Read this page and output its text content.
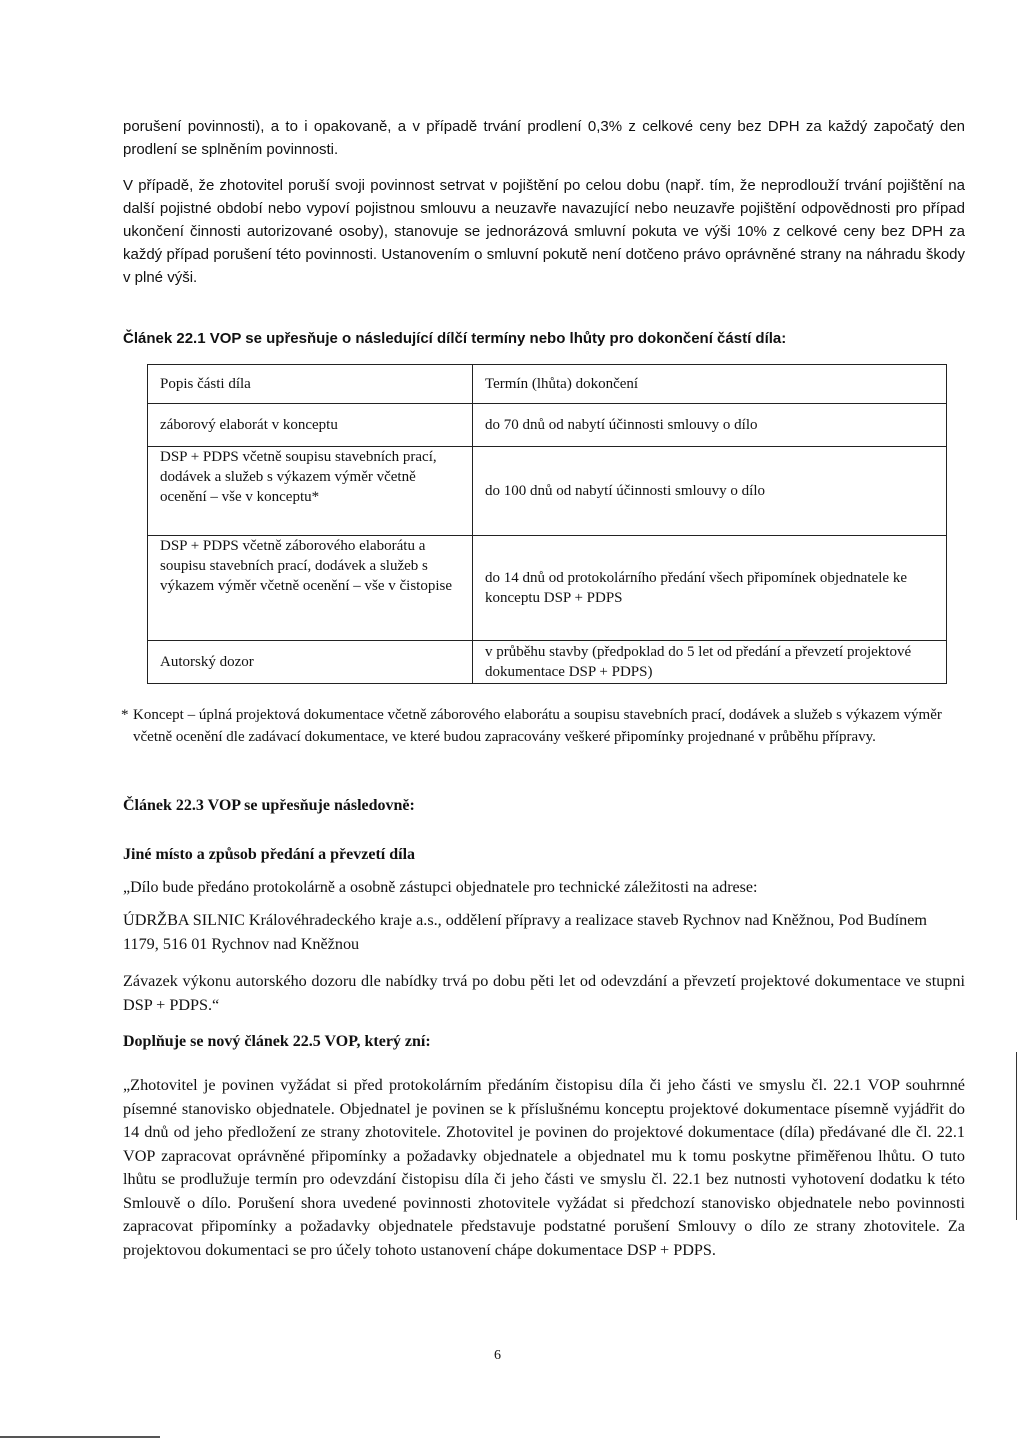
porušení povinnosti), a to i opakovaně, a v případě trvání prodlení 0,3% z celkové ceny bez DPH za každý započatý den prodlení se splněním povinnosti.

V případě, že zhotovitel poruší svoji povinnost setrvat v pojištění po celou dobu (např. tím, že neprodlouží trvání pojištění na další pojistné období nebo vypoví pojistnou smlouvu a neuzavře navazující nebo neuzavře pojištění odpovědnosti pro případ ukončení činnosti autorizované osoby), stanovuje se jednorázová smluvní pokuta ve výši 10% z celkové ceny bez DPH za každý případ porušení této povinnosti. Ustanovením o smluvní pokutě není dotčeno právo oprávněné strany na náhradu škody v plné výši.

Článek 22.1 VOP se upřesňuje o následující dílčí termíny nebo lhůty pro dokončení částí díla:

Popis části díla	Termín (lhůta) dokončení
záborový elaborát v konceptu	do 70 dnů od nabytí účinnosti smlouvy o dílo
DSP + PDPS včetně soupisu stavebních prací, dodávek a služeb s výkazem výměr včetně ocenění – vše v konceptu*	do 100 dnů od nabytí účinnosti smlouvy o dílo
DSP + PDPS včetně záborového elaborátu a soupisu stavebních prací, dodávek a služeb s výkazem výměr včetně ocenění – vše v čistopise	do 14 dnů od protokolárního předání všech připomínek objednatele ke konceptu DSP + PDPS
Autorský dozor	v průběhu stavby (předpoklad do 5 let od předání a převzetí projektové dokumentace DSP + PDPS)
* Koncept – úplná projektová dokumentace včetně záborového elaborátu a soupisu stavebních prací, dodávek a služeb s výkazem výměr včetně ocenění dle zadávací dokumentace, ve které budou zapracovány veškeré připomínky projednané v průběhu přípravy.

Článek 22.3 VOP se upřesňuje následovně:

Jiné místo a způsob předání a převzetí díla

„Dílo bude předáno protokolárně a osobně zástupci objednatele pro technické záležitosti na adrese:

ÚDRŽBA SILNIC Královéhradeckého kraje a.s., oddělení přípravy a realizace staveb Rychnov nad Kněžnou, Pod Budínem 1179, 516 01 Rychnov nad Kněžnou

Závazek výkonu autorského dozoru dle nabídky trvá po dobu pěti let od odevzdání a převzetí projektové dokumentace ve stupni DSP + PDPS.“

Doplňuje se nový článek 22.5 VOP, který zní:

„Zhotovitel je povinen vyžádat si před protokolárním předáním čistopisu díla či jeho části ve smyslu čl. 22.1 VOP souhrnné písemné stanovisko objednatele. Objednatel je povinen se k příslušnému konceptu projektové dokumentace písemně vyjádřit do 14 dnů od jeho předložení ze strany zhotovitele. Zhotovitel je povinen do projektové dokumentace (díla) předávané dle čl. 22.1 VOP zapracovat oprávněné připomínky a požadavky objednatele a objednatel mu k tomu poskytne přiměřenou lhůtu. O tuto lhůtu se prodlužuje termín pro odevzdání čistopisu díla či jeho části ve smyslu čl. 22.1 bez nutnosti vyhotovení dodatku k této Smlouvě o dílo. Porušení shora uvedené povinnosti zhotovitele vyžádat si předchozí stanovisko objednatele nebo povinnosti zapracovat připomínky a požadavky objednatele představuje podstatné porušení Smlouvy o dílo ze strany zhotovitele. Za projektovou dokumentaci se pro účely tohoto ustanovení chápe dokumentace DSP + PDPS.

6
